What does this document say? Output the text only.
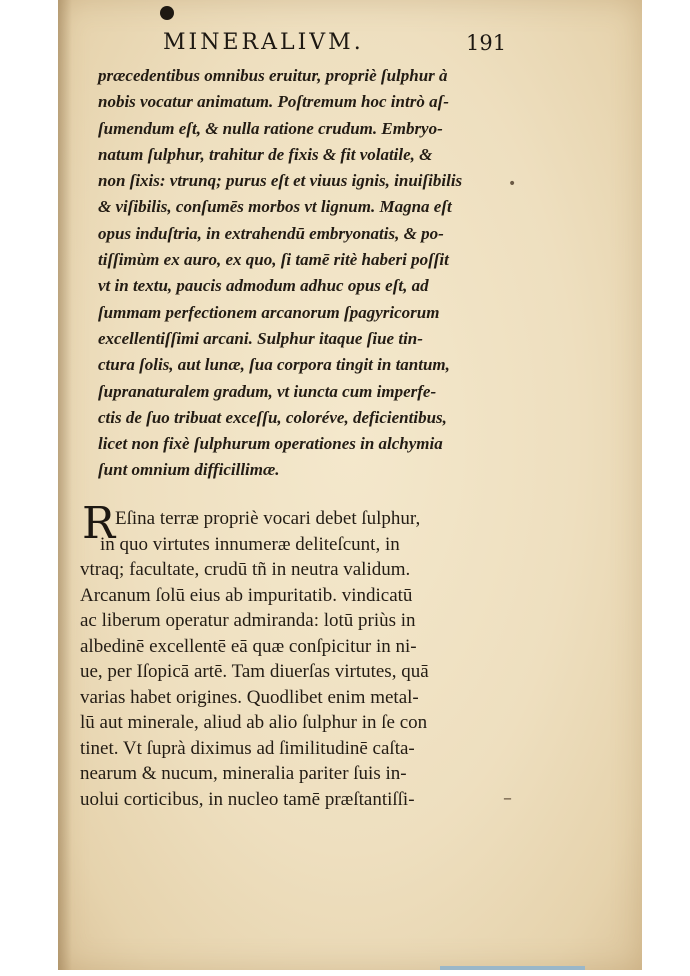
MINERALIVM.	191
præcedentibus omnibus eruitur, propriè ſulphur à
nobis vocatur animatum. Poſtremum hoc intrò aſ-
ſumendum eſt, & nulla ratione crudum. Embryo-
natum ſulphur, trahitur de fixis & fit volatile, &
non ſixis: vtrunq; purus eſt et viuus ignis, inuiſibilis
& viſibilis, conſumēs morbos vt lignum. Magna eſt
opus induſtria, in extrahendū embryonatis, & po-
tiſſimùm ex auro, ex quo, ſi tamē ritè haberi poſſit
vt in textu, paucis admodum adhuc opus eſt, ad
ſummam perfectionem arcanorum ſpagyricorum
excellentiſſimi arcani. Sulphur itaque ſiue tin-
ctura ſolis, aut lunæ, ſua corpora tingit in tantum,
ſupranaturalem gradum, vt iuncta cum imperfe-
ctis de ſuo tribuat exceſſu, coloréve, deficientibus,
licet non fixè ſulphurum operationes in alchymia
ſunt omnium difficillimæ.
R Eſina terræ propriè vocari debet ſulphur,
in quo virtutes innumeræ deliteſcunt, in
vtraq; facultate, crudū tñ in neutra validum.
Arcanum ſolū eius ab impuritatib. vindicatū
ac liberum operatur admiranda: lotū priùs in
albedinē excellentē eā quæ conſpicitur in ni-
ue, per Iſopicā artē. Tam diuerſas virtutes, quā
varias habet origines. Quodlibet enim metal-
lū aut minerale, aliud ab alio ſulphur in ſe con
tinet. Vt ſuprà diximus ad ſimilitudinē caſta-
nearum & nucum, mineralia pariter ſuis in-
uolui corticibus, in nucleo tamē præſtantiſſi-
•
–
